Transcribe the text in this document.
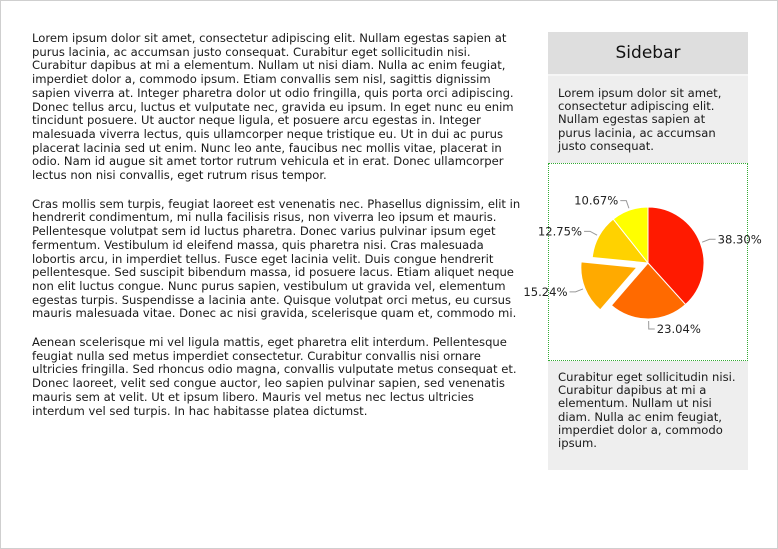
Lorem ipsum dolor sit amet, consectetur adipiscing elit. Nullam egestas sapien at purus lacinia, ac accumsan justo consequat. Curabitur eget sollicitudin nisi. Curabitur dapibus at mi a elementum. Nullam ut nisi diam. Nulla ac enim feugiat, imperdiet dolor a, commodo ipsum. Etiam convallis sem nisl, sagittis dignissim sapien viverra at. Integer pharetra dolor ut odio fringilla, quis porta orci adipiscing. Donec tellus arcu, luctus et vulputate nec, gravida eu ipsum. In eget nunc eu enim tincidunt posuere. Ut auctor neque ligula, et posuere arcu egestas in. Integer malesuada viverra lectus, quis ullamcorper neque tristique eu. Ut in dui ac purus placerat lacinia sed ut enim. Nunc leo ante, faucibus nec mollis vitae, placerat in odio. Nam id augue sit amet tortor rutrum vehicula et in erat. Donec ullamcorper lectus non nisi convallis, eget rutrum risus tempor.

Cras mollis sem turpis, feugiat laoreet est venenatis nec. Phasellus dignissim, elit in hendrerit condimentum, mi nulla facilisis risus, non viverra leo ipsum et mauris. Pellentesque volutpat sem id luctus pharetra. Donec varius pulvinar ipsum eget fermentum. Vestibulum id eleifend massa, quis pharetra nisi. Cras malesuada lobortis arcu, in imperdiet tellus. Fusce eget lacinia velit. Duis congue hendrerit pellentesque. Sed suscipit bibendum massa, id posuere lacus. Etiam aliquet neque non elit luctus congue. Nunc purus sapien, vestibulum ut gravida vel, elementum egestas turpis. Suspendisse a lacinia ante. Quisque volutpat orci metus, eu cursus mauris malesuada vitae. Donec ac nisi gravida, scelerisque quam et, commodo mi.

Aenean scelerisque mi vel ligula mattis, eget pharetra elit interdum. Pellentesque feugiat nulla sed metus imperdiet consectetur. Curabitur convallis nisi ornare ultricies fringilla. Sed rhoncus odio magna, convallis vulputate metus consequat et. Donec laoreet, velit sed congue auctor, leo sapien pulvinar sapien, sed venenatis mauris sem at velit. Ut et ipsum libero. Mauris vel metus nec lectus ultricies interdum vel sed turpis. In hac habitasse platea dictumst.

Sidebar

Lorem ipsum dolor sit amet, consectetur adipiscing elit. Nullam egestas sapien at purus lacinia, ac accumsan justo consequat.

38.30%
23.04%
15.24%
12.75%
10.67%

Curabitur eget sollicitudin nisi. Curabitur dapibus at mi a elementum. Nullam ut nisi diam. Nulla ac enim feugiat, imperdiet dolor a, commodo ipsum.
